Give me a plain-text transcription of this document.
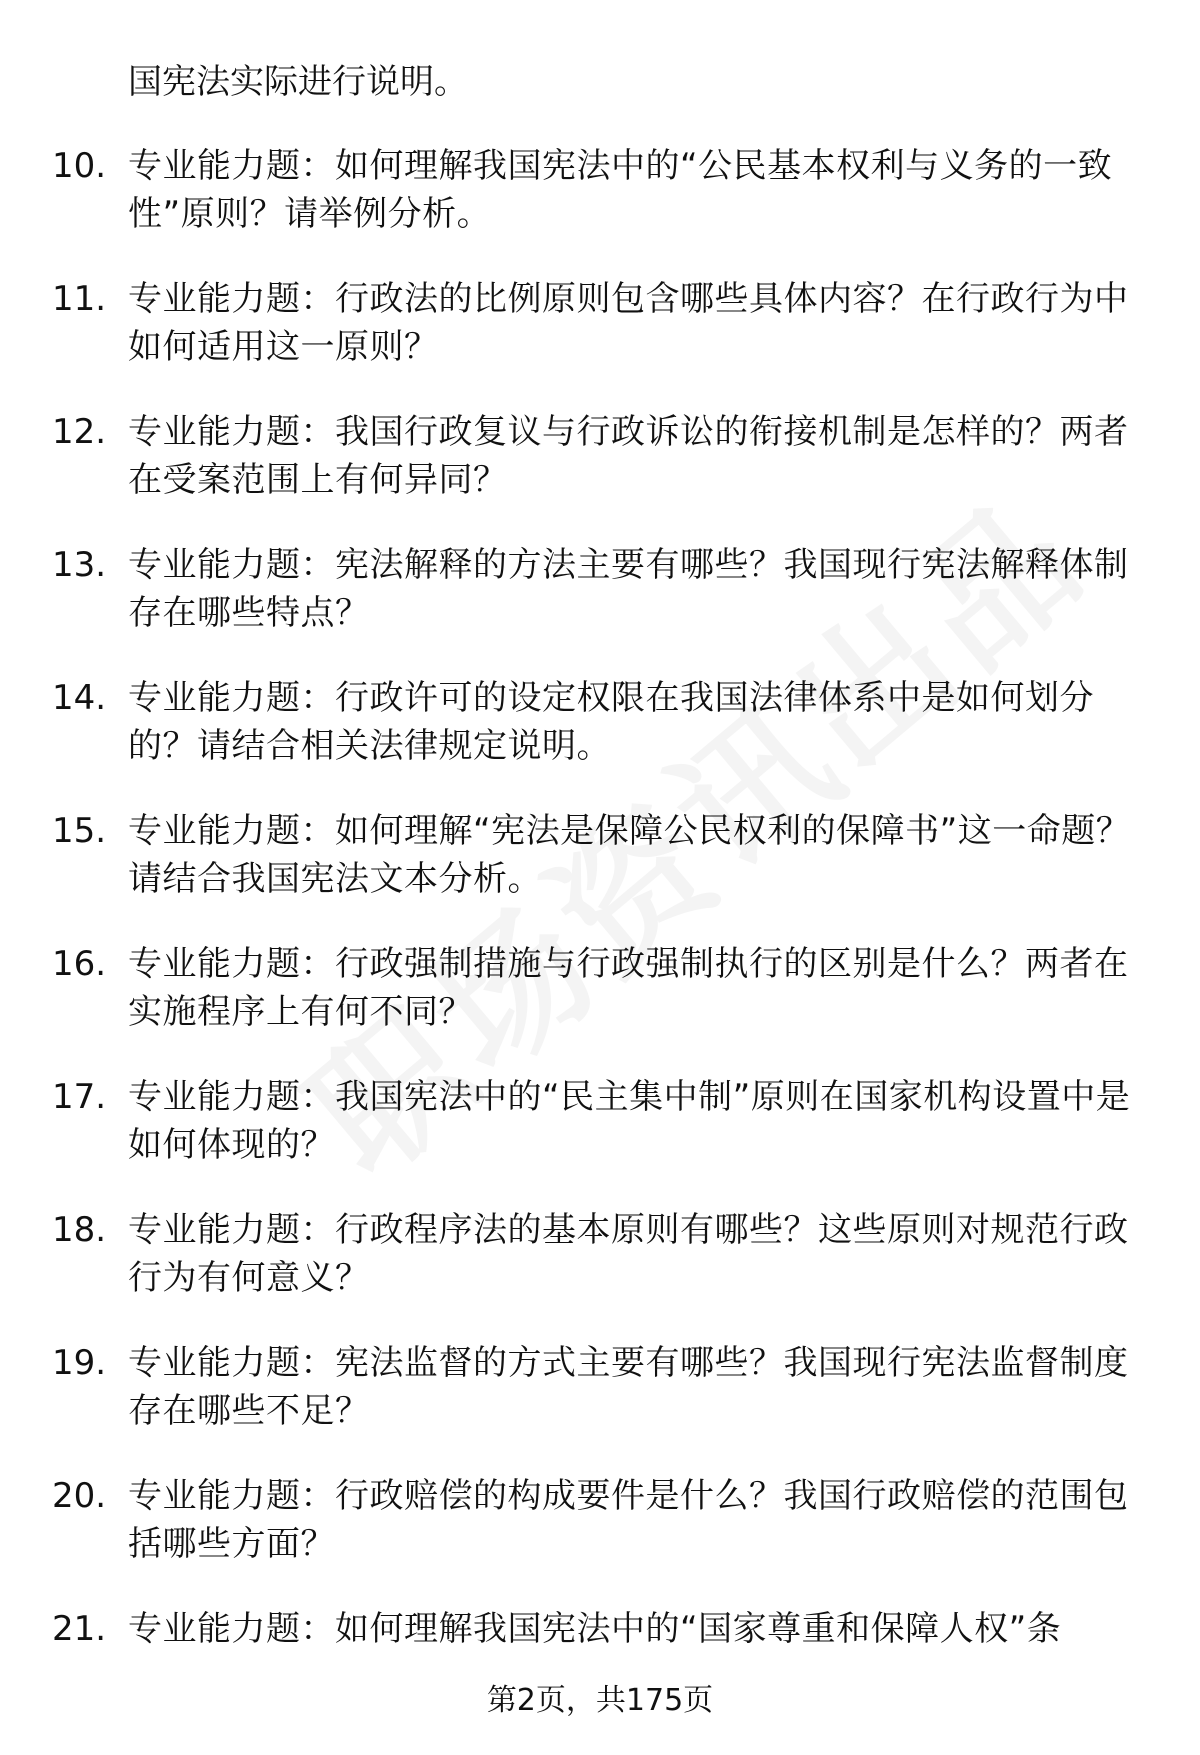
国宪法实际进行说明。
10. 专业能力题：如何理解我国宪法中的“公民基本权利与义务的一致性”原则？请举例分析。
11. 专业能力题：行政法的比例原则包含哪些具体内容？在行政行为中如何适用这一原则？
12. 专业能力题：我国行政复议与行政诉讼的衔接机制是怎样的？两者在受案范围上有何异同？
13. 专业能力题：宪法解释的方法主要有哪些？我国现行宪法解释体制存在哪些特点？
14. 专业能力题：行政许可的设定权限在我国法律体系中是如何划分的？请结合相关法律规定说明。
15. 专业能力题：如何理解“宪法是保障公民权利的保障书”这一命题？请结合我国宪法文本分析。
16. 专业能力题：行政强制措施与行政强制执行的区别是什么？两者在实施程序上有何不同？
17. 专业能力题：我国宪法中的“民主集中制”原则在国家机构设置中是如何体现的？
18. 专业能力题：行政程序法的基本原则有哪些？这些原则对规范行政行为有何意义？
19. 专业能力题：宪法监督的方式主要有哪些？我国现行宪法监督制度存在哪些不足？
20. 专业能力题：行政赔偿的构成要件是什么？我国行政赔偿的范围包括哪些方面？
21. 专业能力题：如何理解我国宪法中的“国家尊重和保障人权”条
第2页，共175页
